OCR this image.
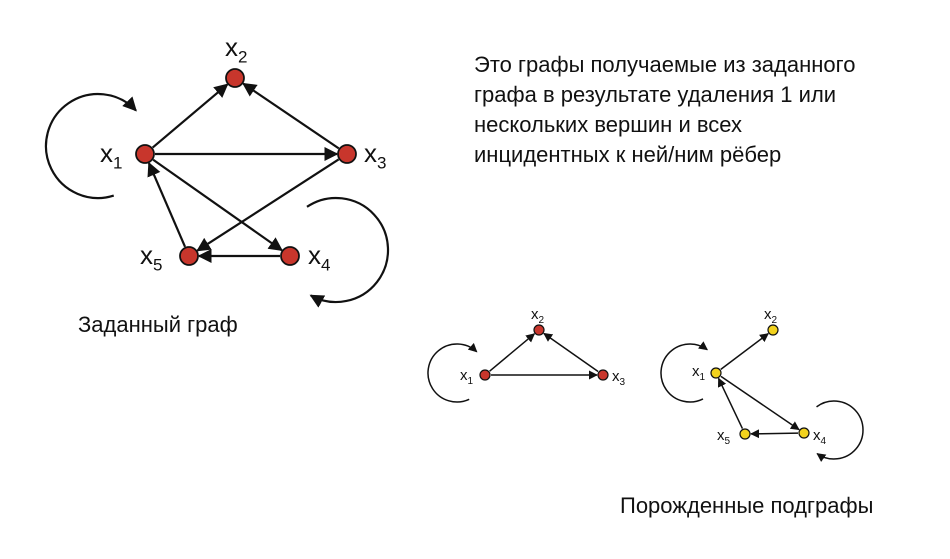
$x_1$
$x_2$
$x_3$
$x_4$
$x_5$
$x_1$
$x_2$
$x_3$
$x_1$
$x_2$
$x_4$
$x_5$
Это графы получаемые из заданного
графа в результате удаления 1 или
нескольких вершин и всех
инцидентных к ней/ним рёбер
Заданный граф
Порожденные подграфы
